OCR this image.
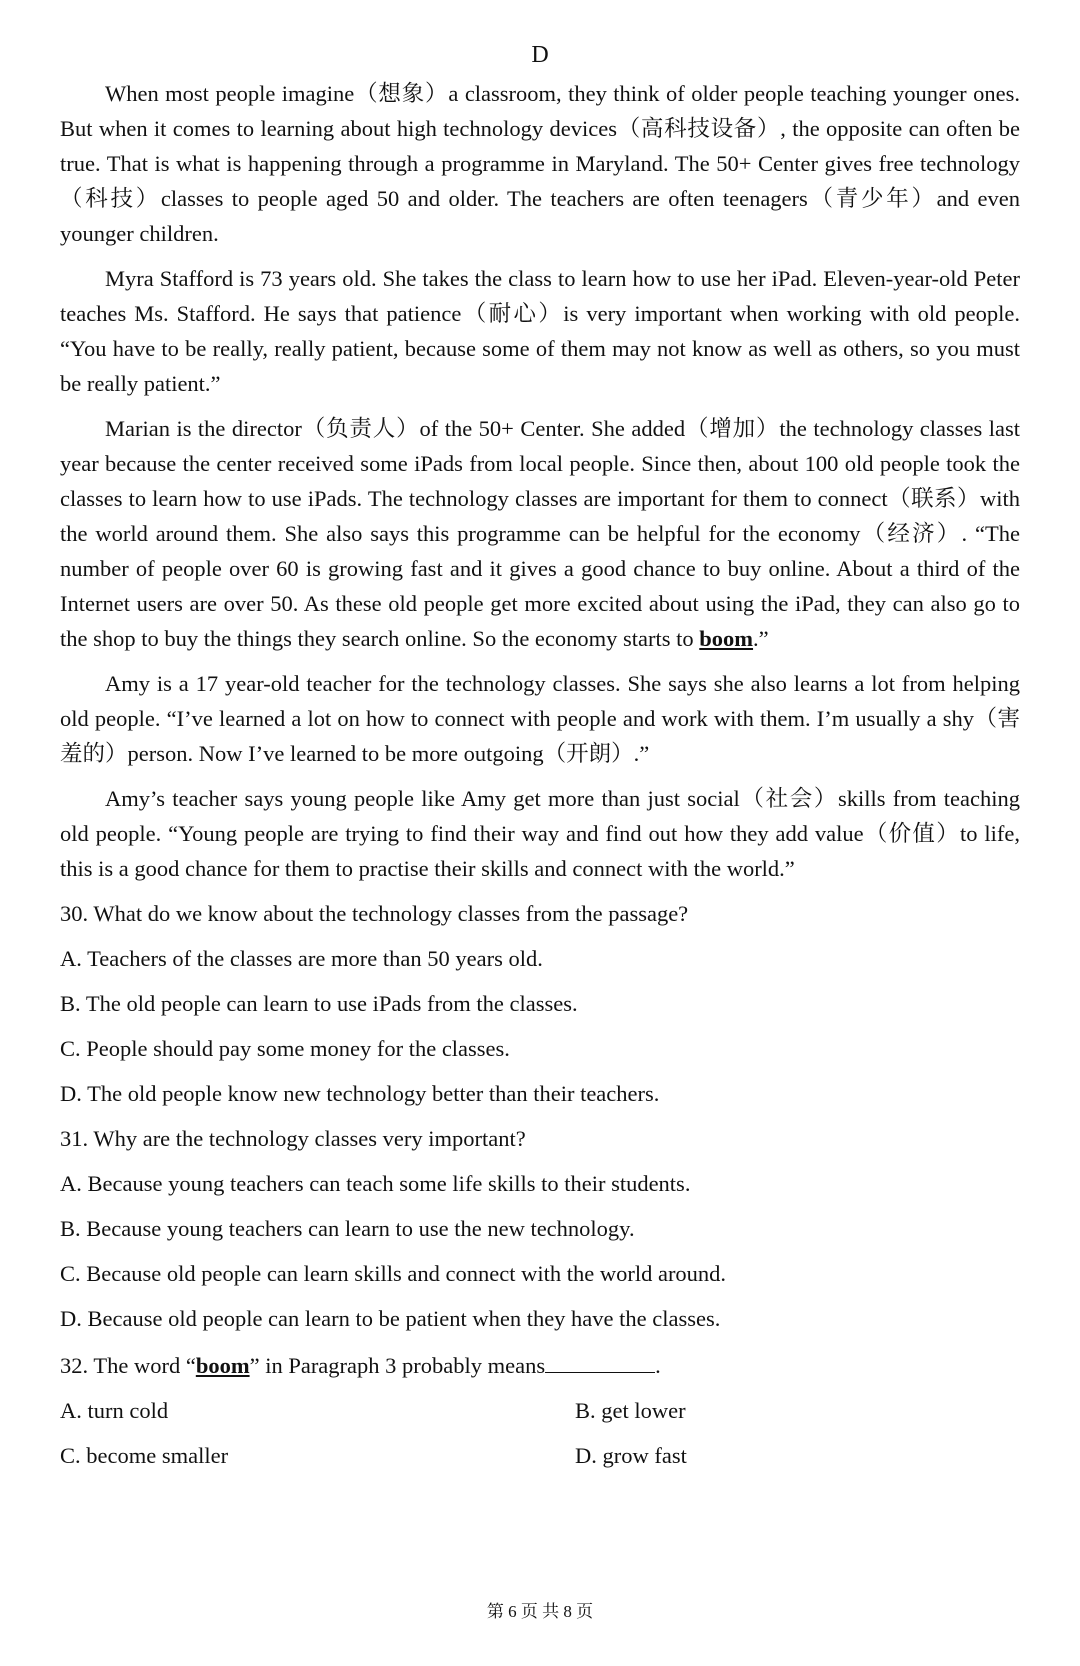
D

When most people imagine（想象）a classroom, they think of older people teaching younger ones. But when it comes to learning about high technology devices（高科技设备）, the opposite can often be true. That is what is happening through a programme in Maryland. The 50+ Center gives free technology（科技）classes to people aged 50 and older. The teachers are often teenagers（青少年）and even younger children.

Myra Stafford is 73 years old. She takes the class to learn how to use her iPad. Eleven-year-old Peter teaches Ms. Stafford. He says that patience（耐心）is very important when working with old people. “You have to be really, really patient, because some of them may not know as well as others, so you must be really patient.”

Marian is the director（负责人）of the 50+ Center. She added（增加）the technology classes last year because the center received some iPads from local people. Since then, about 100 old people took the classes to learn how to use iPads. The technology classes are important for them to connect（联系）with the world around them. She also says this programme can be helpful for the economy（经济）. “The number of people over 60 is growing fast and it gives a good chance to buy online. About a third of the Internet users are over 50. As these old people get more excited about using the iPad, they can also go to the shop to buy the things they search online. So the economy starts to boom.”

Amy is a 17 year-old teacher for the technology classes. She says she also learns a lot from helping old people. “I’ve learned a lot on how to connect with people and work with them. I’m usually a shy（害羞的）person. Now I’ve learned to be more outgoing（开朗）.”

Amy’s teacher says young people like Amy get more than just social（社会）skills from teaching old people. “Young people are trying to find their way and find out how they add value（价值）to life, this is a good chance for them to practise their skills and connect with the world.”

30. What do we know about the technology classes from the passage?
A. Teachers of the classes are more than 50 years old.
B. The old people can learn to use iPads from the classes.
C. People should pay some money for the classes.
D. The old people know new technology better than their teachers.
31. Why are the technology classes very important?
A. Because young teachers can teach some life skills to their students.
B. Because young teachers can learn to use the new technology.
C. Because old people can learn skills and connect with the world around.
D. Because old people can learn to be patient when they have the classes.
32. The word “boom” in Paragraph 3 probably means	.
A. turn cold	B. get lower
C. become smaller	D. grow fast
第 6 页 共 8 页
